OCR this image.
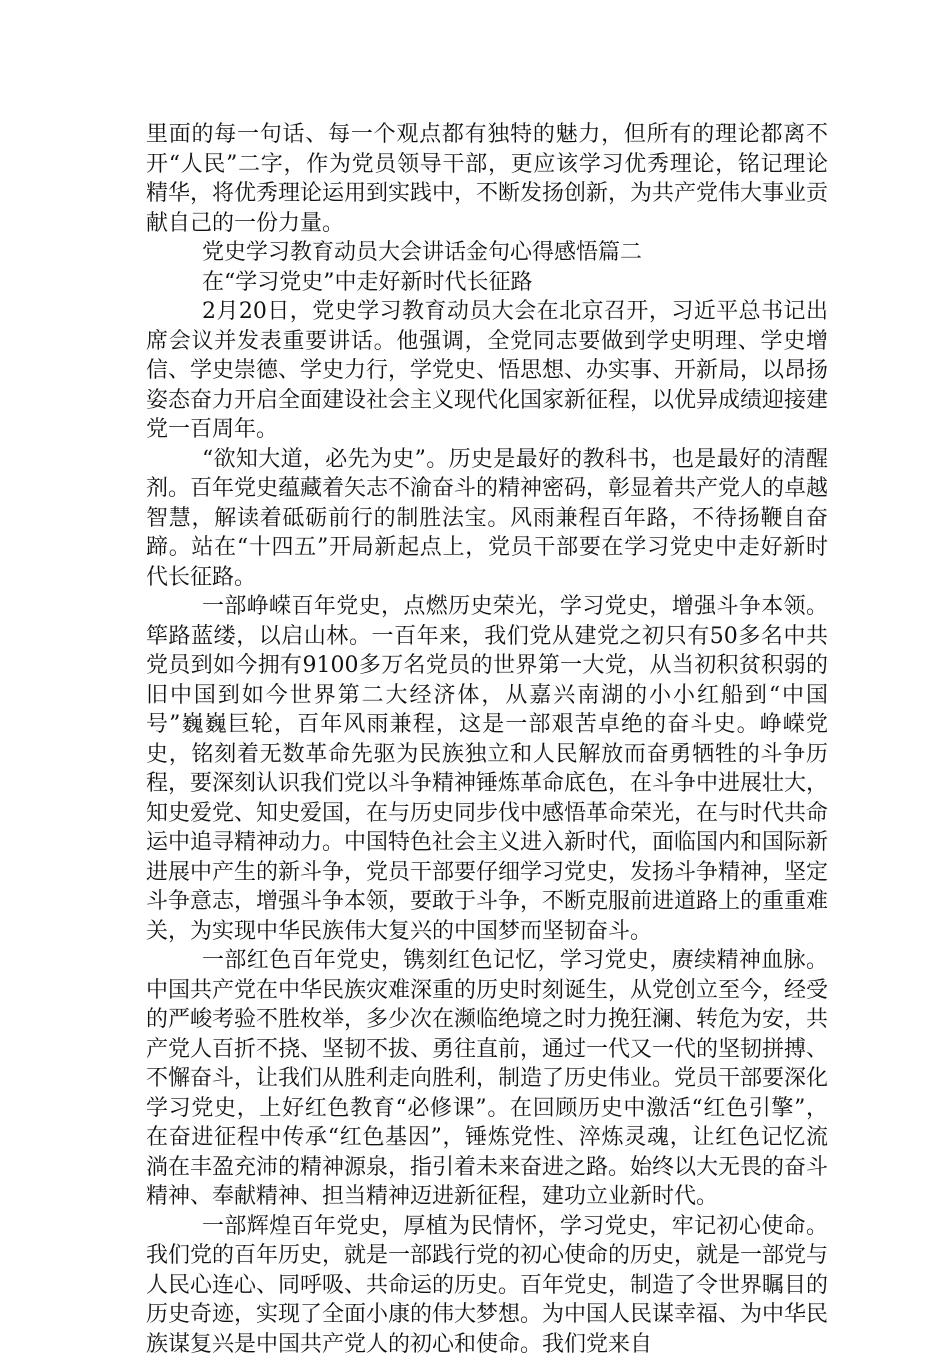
里面的每一句话、每一个观点都有独特的魅力，但所有的理论都离不开“人民”二字，作为党员领导干部，更应该学习优秀理论，铭记理论精华，将优秀理论运用到实践中，不断发扬创新，为共产党伟大事业贡献自己的一份力量。

党史学习教育动员大会讲话金句心得感悟篇二

在“学习党史”中走好新时代长征路

2月20日，党史学习教育动员大会在北京召开，习近平总书记出席会议并发表重要讲话。他强调，全党同志要做到学史明理、学史增信、学史崇德、学史力行，学党史、悟思想、办实事、开新局，以昂扬姿态奋力开启全面建设社会主义现代化国家新征程，以优异成绩迎接建党一百周年。

“欲知大道，必先为史”。历史是最好的教科书，也是最好的清醒剂。百年党史蕴藏着矢志不渝奋斗的精神密码，彰显着共产党人的卓越智慧，解读着砥砺前行的制胜法宝。风雨兼程百年路，不待扬鞭自奋蹄。站在“十四五”开局新起点上，党员干部要在学习党史中走好新时代长征路。

一部峥嵘百年党史，点燃历史荣光，学习党史，增强斗争本领。筚路蓝缕，以启山林。一百年来，我们党从建党之初只有50多名中共党员到如今拥有9100多万名党员的世界第一大党，从当初积贫积弱的旧中国到如今世界第二大经济体，从嘉兴南湖的小小红船到“中国号”巍巍巨轮，百年风雨兼程，这是一部艰苦卓绝的奋斗史。峥嵘党史，铭刻着无数革命先驱为民族独立和人民解放而奋勇牺牲的斗争历程，要深刻认识我们党以斗争精神锤炼革命底色，在斗争中进展壮大，知史爱党、知史爱国，在与历史同步伐中感悟革命荣光，在与时代共命运中追寻精神动力。中国特色社会主义进入新时代，面临国内和国际新进展中产生的新斗争，党员干部要仔细学习党史，发扬斗争精神，坚定斗争意志，增强斗争本领，要敢于斗争，不断克服前进道路上的重重难关，为实现中华民族伟大复兴的中国梦而坚韧奋斗。

一部红色百年党史，镌刻红色记忆，学习党史，赓续精神血脉。中国共产党在中华民族灾难深重的历史时刻诞生，从党创立至今，经受的严峻考验不胜枚举，多少次在濒临绝境之时力挽狂澜、转危为安，共产党人百折不挠、坚韧不拔、勇往直前，通过一代又一代的坚韧拼搏、不懈奋斗，让我们从胜利走向胜利，制造了历史伟业。党员干部要深化学习党史，上好红色教育“必修课”。在回顾历史中激活“红色引擎”，在奋进征程中传承“红色基因”，锤炼党性、淬炼灵魂，让红色记忆流淌在丰盈充沛的精神源泉，指引着未来奋进之路。始终以大无畏的奋斗精神、奉献精神、担当精神迈进新征程，建功立业新时代。

一部辉煌百年党史，厚植为民情怀，学习党史，牢记初心使命。我们党的百年历史，就是一部践行党的初心使命的历史，就是一部党与人民心连心、同呼吸、共命运的历史。百年党史，制造了令世界瞩目的历史奇迹，实现了全面小康的伟大梦想。为中国人民谋幸福、为中华民族谋复兴是中国共产党人的初心和使命。我们党来自
